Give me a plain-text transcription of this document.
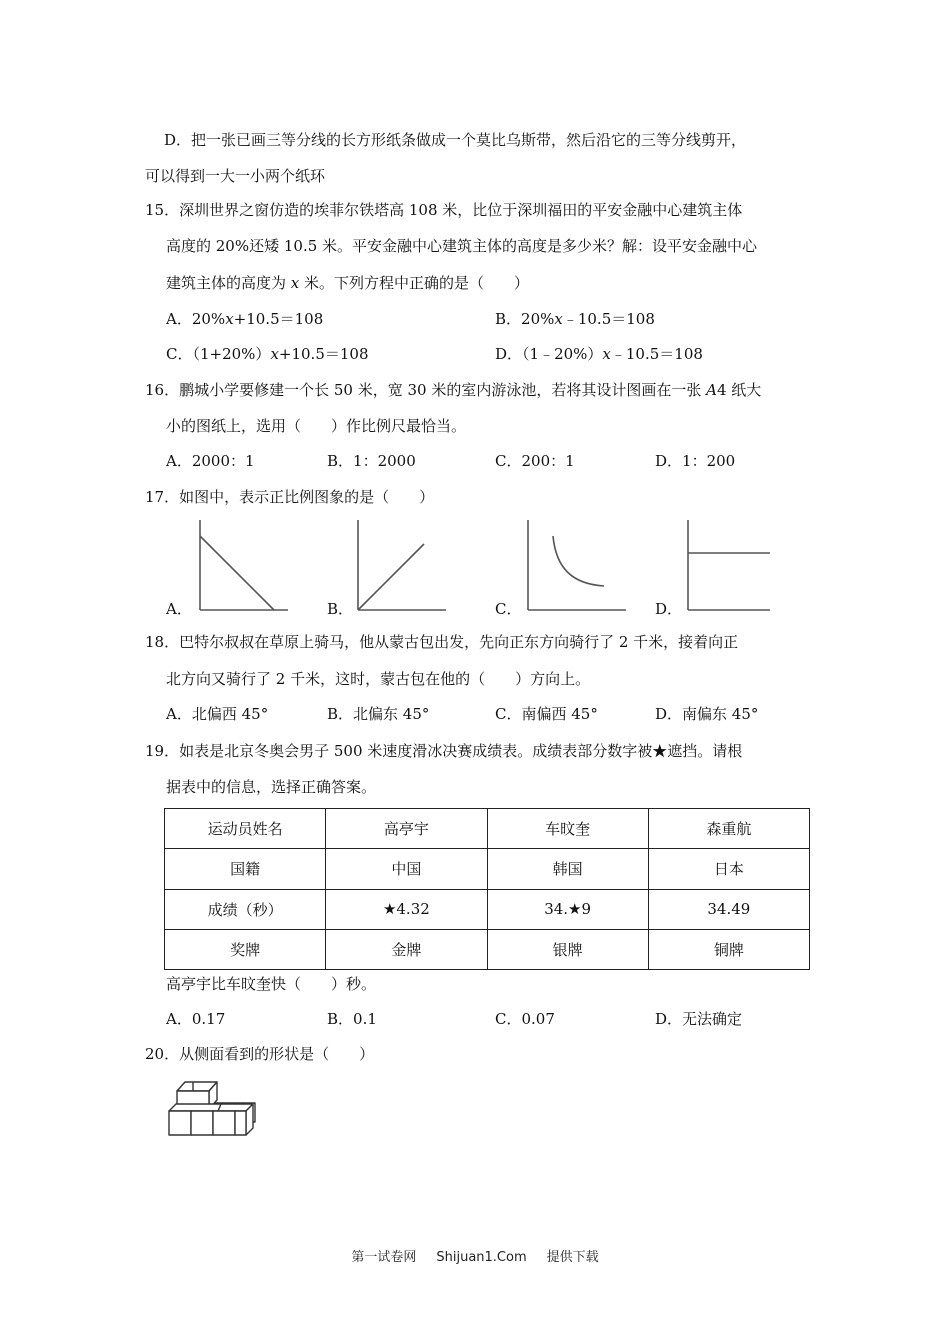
D．把一张已画三等分线的长方形纸条做成一个莫比乌斯带，然后沿它的三等分线剪开，
可以得到一大一小两个纸环
15．深圳世界之窗仿造的埃菲尔铁塔高 108 米，比位于深圳福田的平安金融中心建筑主体
高度的 20%还矮 10.5 米。平安金融中心建筑主体的高度是多少米？解：设平安金融中心
建筑主体的高度为 x 米。下列方程中正确的是（　　）
A．20%x+10.5＝108	B．20%x﹣10.5＝108
C．（1+20%）x+10.5＝108	D．（1﹣20%）x﹣10.5＝108
16．鹏城小学要修建一个长 50 米，宽 30 米的室内游泳池，若将其设计图画在一张 A4 纸大
小的图纸上，选用（　　）作比例尺最恰当。
A．2000：1	B．1：2000	C．200：1	D．1：200
17．如图中，表示正比例图象的是（　　）
A．	B．	C．	D．
18．巴特尔叔叔在草原上骑马，他从蒙古包出发，先向正东方向骑行了 2 千米，接着向正
北方向又骑行了 2 千米，这时，蒙古包在他的（　　）方向上。
A．北偏西 45°	B．北偏东 45°	C．南偏西 45°	D．南偏东 45°
19．如表是北京冬奥会男子 500 米速度滑冰决赛成绩表。成绩表部分数字被★遮挡。请根
据表中的信息，选择正确答案。
运动员姓名	高亭宇	车旼奎	森重航
国籍	中国	韩国	日本
成绩（秒）	★4.32	34.★9	34.49
奖牌	金牌	银牌	铜牌
高亭宇比车旼奎快（　　）秒。
A．0.17	B．0.1	C．0.07	D．无法确定
20．从侧面看到的形状是（　　）
第一试卷网 Shijuan1.Com 提供下载
